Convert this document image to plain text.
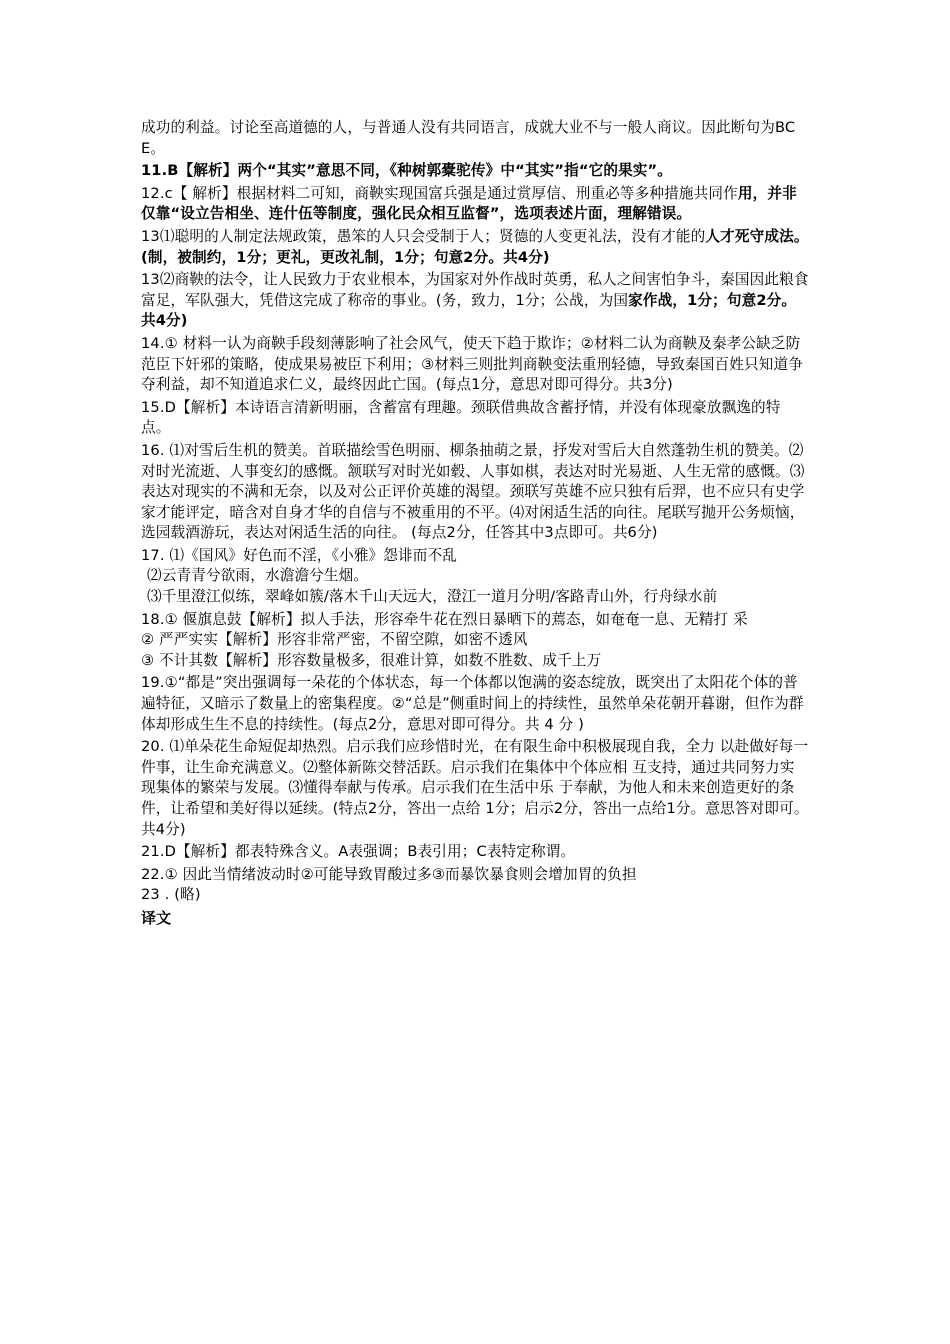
成功的利益。讨论至高道德的人，与普通人没有共同语言，成就大业不与一般人商议。因此断句为BCE。

11.B【解析】两个“其实”意思不同，《种树郭橐驼传》中“其实”指“它的果实”。

12.c【 解析】根据材料二可知，商鞅实现国富兵强是通过赏厚信、刑重必等多种措施共同作用，并非仅靠“设立告相坐、连什伍等制度，强化民众相互监督”，选项表述片面，理解错误。

13⑴聪明的人制定法规政策，愚笨的人只会受制于人；贤德的人变更礼法，没有才能的人才死守成法。(制，被制约，1分；更礼，更改礼制，1分；句意2分。共4分)

13⑵商鞅的法令，让人民致力于农业根本，为国家对外作战时英勇，私人之间害怕争斗，秦国因此粮食富足，军队强大，凭借这完成了称帝的事业。(务，致力，1分；公战，为国家作战，1分；句意2分。共4分)

14.① 材料一认为商鞅手段刻薄影响了社会风气，使天下趋于欺诈；②材料二认为商鞅及秦孝公缺乏防范臣下奸邪的策略，使成果易被臣下利用；③材料三则批判商鞅变法重刑轻德，导致秦国百姓只知道争夺利益，却不知道追求仁义，最终因此亡国。(每点1分，意思对即可得分。共3分)

15.D【解析】本诗语言清新明丽，含蓄富有理趣。颈联借典故含蓄抒情，并没有体现豪放飘逸的特点。

16. ⑴对雪后生机的赞美。首联描绘雪色明丽、柳条抽萌之景，抒发对雪后大自然蓬勃生机的赞美。⑵对时光流逝、人事变幻的感慨。颔联写对时光如毂、人事如棋，表达对时光易逝、人生无常的感慨。⑶表达对现实的不满和无奈，以及对公正评价英雄的渴望。颈联写英雄不应只独有后羿，也不应只有史学家才能评定，暗含对自身才华的自信与不被重用的不平。⑷对闲适生活的向往。尾联写抛开公务烦恼，选园载酒游玩，表达对闲适生活的向往。 (每点2分，任答其中3点即可。共6分)

17. ⑴《国风》好色而不淫，《小雅》怨诽而不乱

⑵云青青兮欲雨，水澹澹兮生烟。

⑶千里澄江似练，翠峰如簇/落木千山天远大，澄江一道月分明/客路青山外，行舟绿水前

18.① 偃旗息鼓【解析】拟人手法，形容牵牛花在烈日暴晒下的蔫态，如奄奄一息、无精打 采

② 严严实实【解析】形容非常严密，不留空隙，如密不透风

③ 不计其数【解析】形容数量极多，很难计算，如数不胜数、成千上万

19.①“都是”突出强调每一朵花的个体状态，每一个体都以饱满的姿态绽放，既突出了太阳花个体的普遍特征，又暗示了数量上的密集程度。②“总是”侧重时间上的持续性，虽然单朵花朝开暮谢，但作为群体却形成生生不息的持续性。(每点2分，意思对即可得分。共 4 分 )

20. ⑴单朵花生命短促却热烈。启示我们应珍惜时光，在有限生命中积极展现自我，全力 以赴做好每一件事，让生命充满意义。⑵整体新陈交替活跃。启示我们在集体中个体应相 互支持，通过共同努力实现集体的繁荣与发展。⑶懂得奉献与传承。启示我们在生活中乐 于奉献，为他人和未来创造更好的条件，让希望和美好得以延续。(特点2分，答出一点给 1分；启示2分，答出一点给1分。意思答对即可。共4分)

21.D【解析】都表特殊含义。A表强调；B表引用；C表特定称谓。

22.① 因此当情绪波动时②可能导致胃酸过多③而暴饮暴食则会增加胃的负担

23 . (略)

译文
